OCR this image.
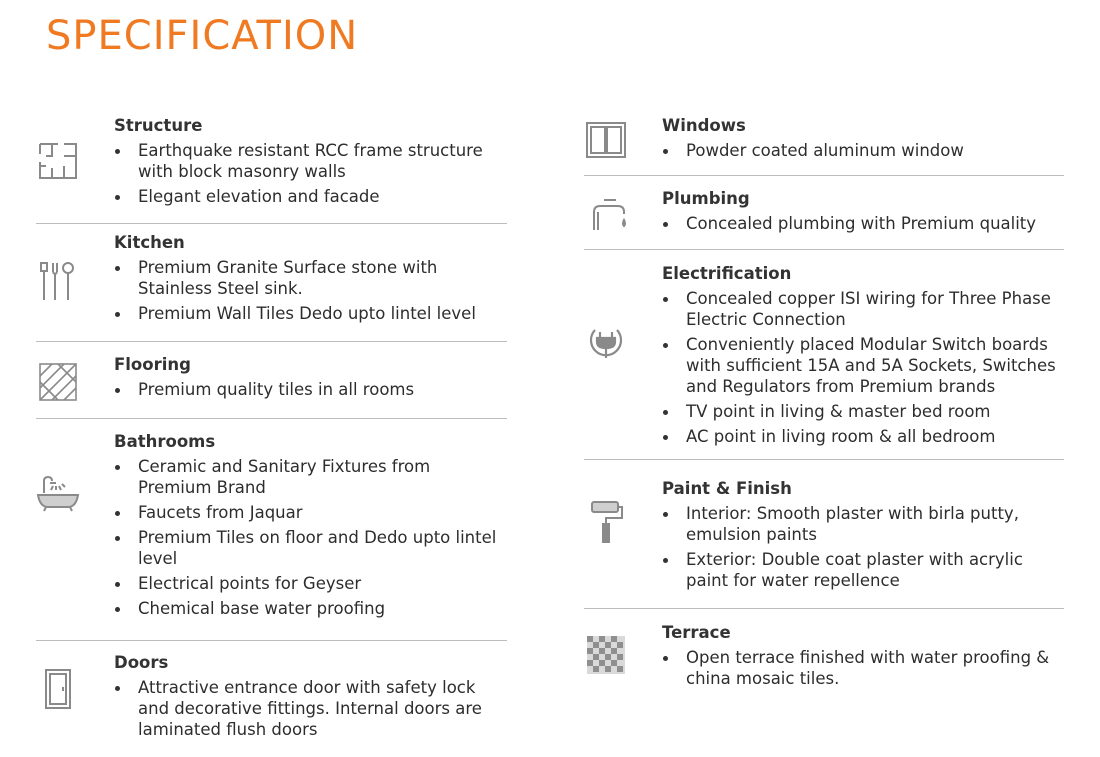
SPECIFICATION
Structure
Earthquake resistant RCC frame structure with block masonry walls
Elegant elevation and facade
Kitchen
Premium Granite Surface stone with Stainless Steel sink.
Premium Wall Tiles Dedo upto lintel level
Flooring
Premium quality tiles in all rooms
Bathrooms
Ceramic and Sanitary Fixtures from Premium Brand
Faucets from Jaquar
Premium Tiles on floor and Dedo upto lintel level
Electrical points for Geyser
Chemical base water proofing
Doors
Attractive entrance door with safety lock and decorative fittings. Internal doors are laminated flush doors
Windows
Powder coated aluminum window
Plumbing
Concealed plumbing with Premium quality
Electrification
Concealed copper ISI wiring for Three Phase Electric Connection
Conveniently placed Modular Switch boards with sufficient 15A and 5A Sockets, Switches and Regulators from Premium brands
TV point in living & master bed room
AC point in living room & all bedroom
Paint & Finish
Interior: Smooth plaster with birla putty, emulsion paints
Exterior: Double coat plaster with acrylic paint for water repellence
Terrace
Open terrace finished with water proofing & china mosaic tiles.
